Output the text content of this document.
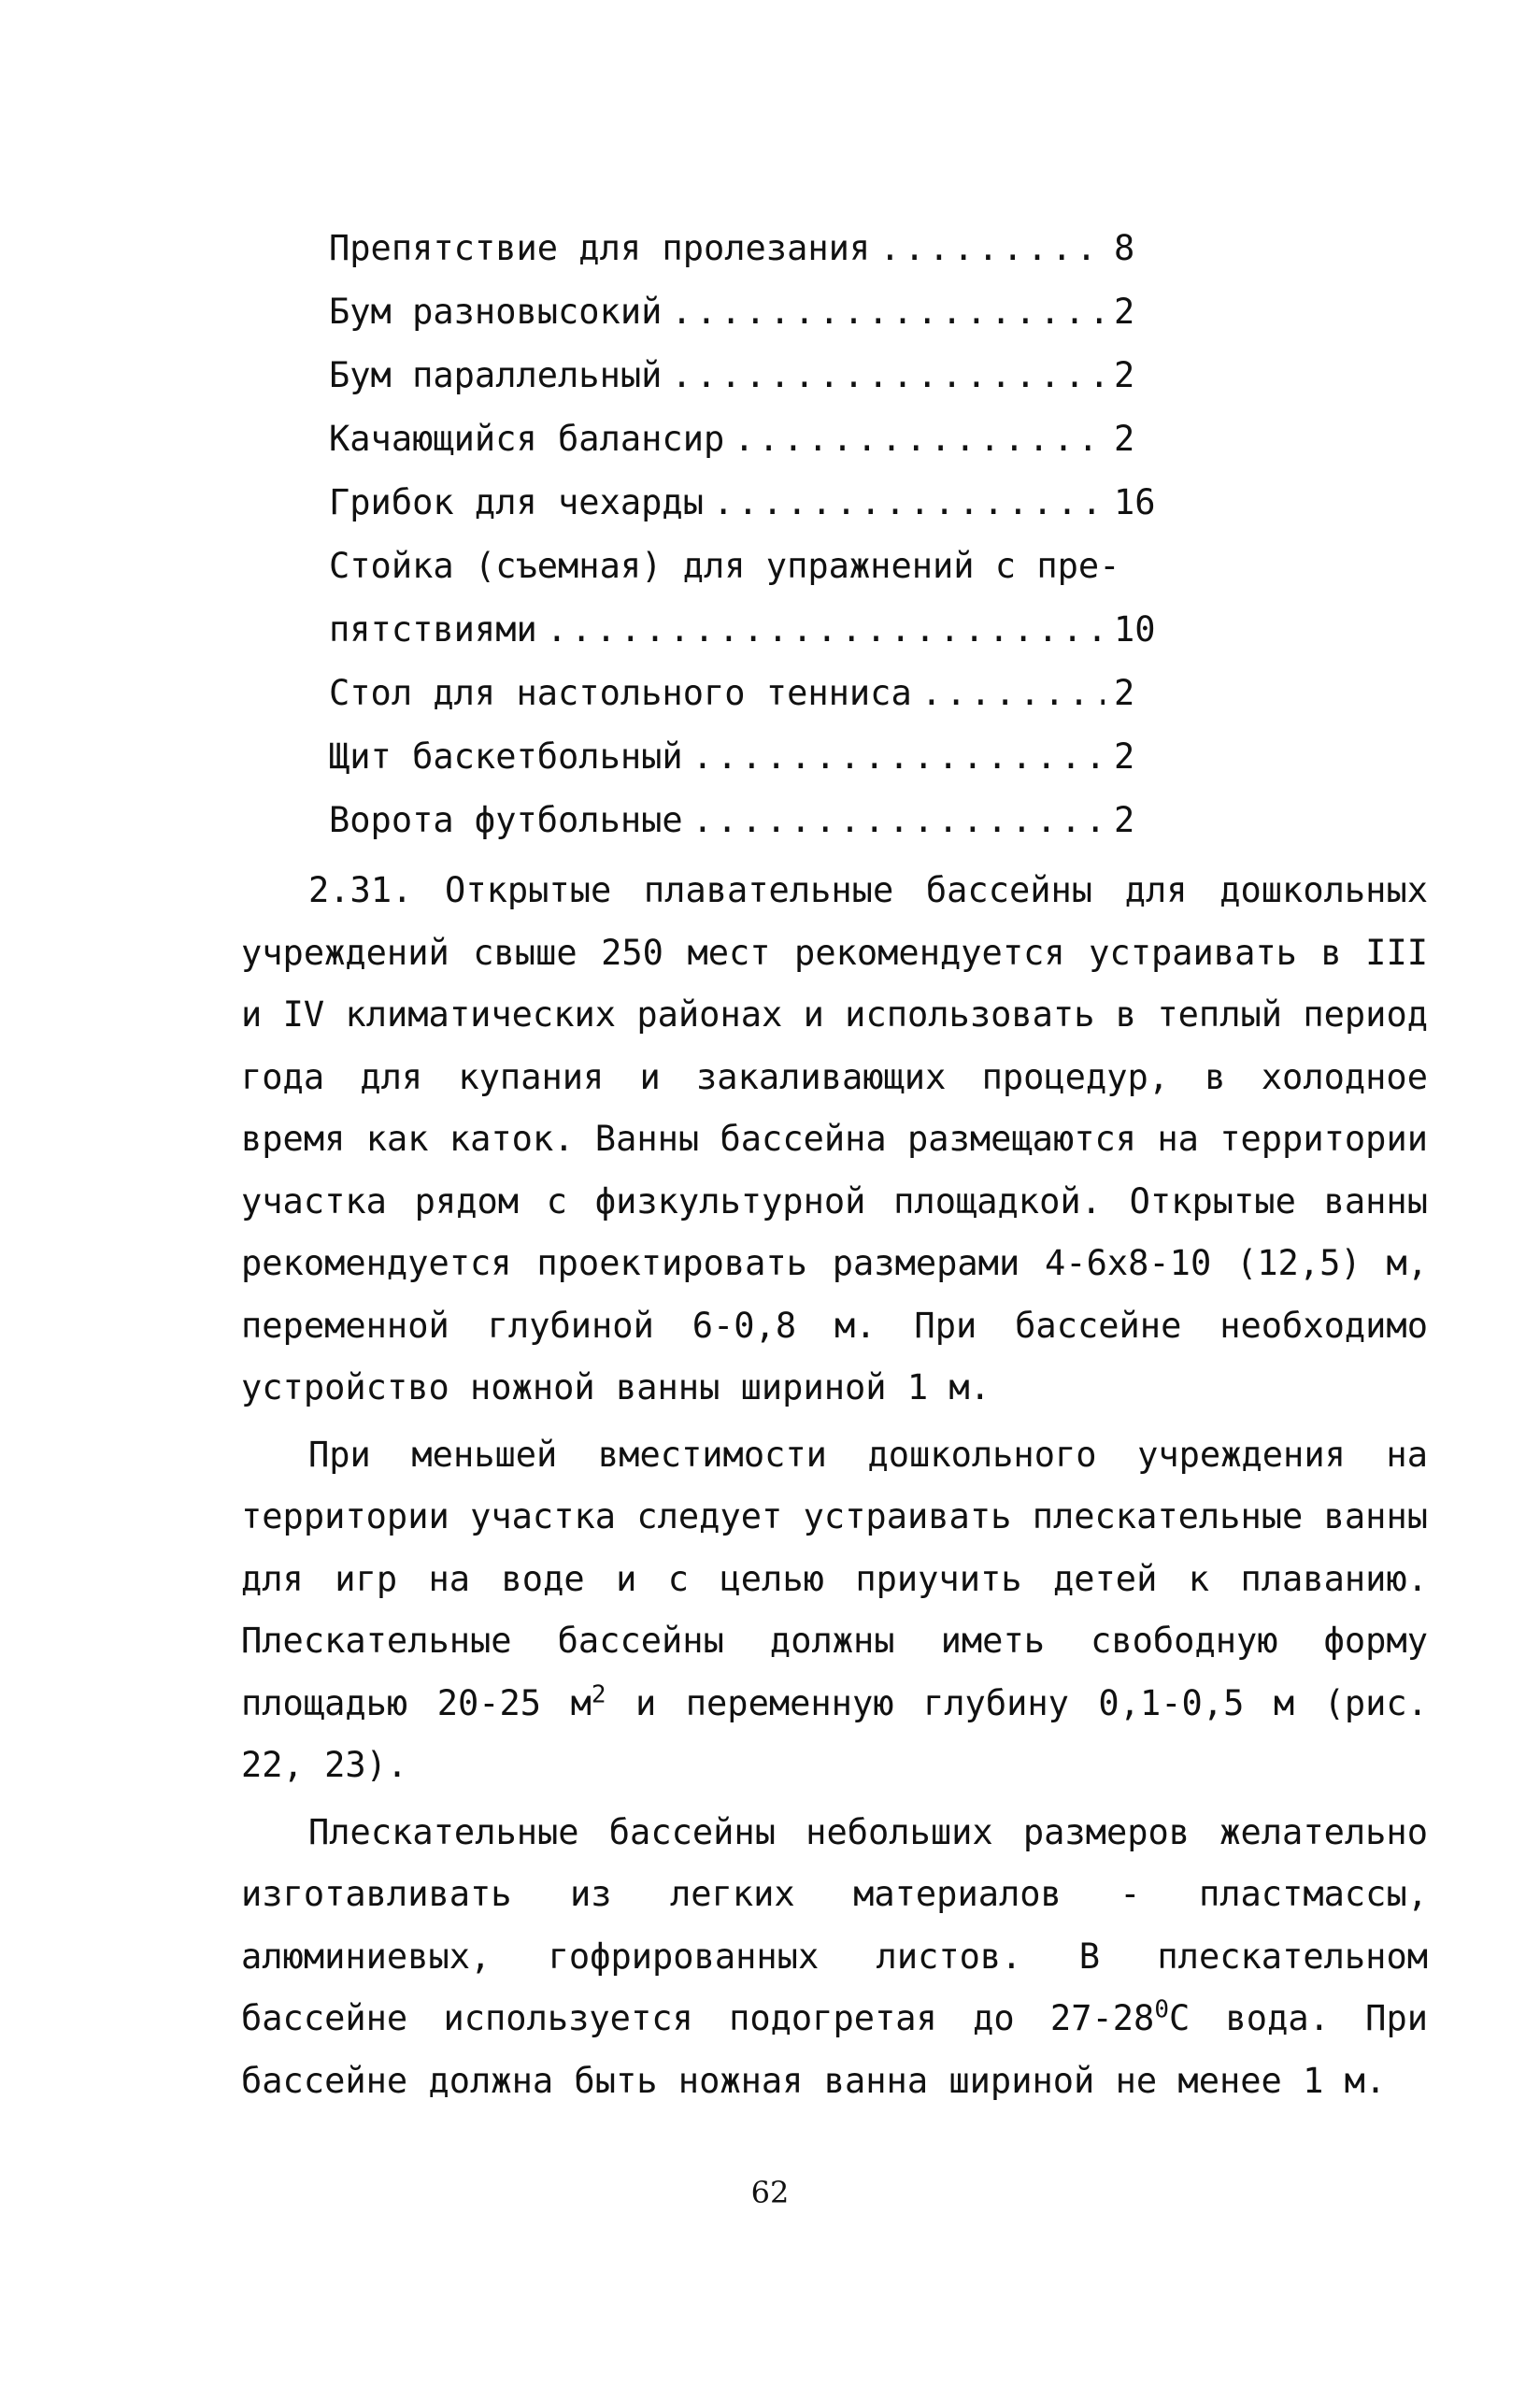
Препятствие для пролезания .....	8
Бум разновысокий .....	2
Бум параллельный .....	2
Качающийся балансир .....	2
Грибок для чехарды .....	16
Стойка (съемная) для упражнений с пре-
пятствиями .....	10
Стол для настольного тенниса .....	2
Щит баскетбольный .....	2
Ворота футбольные .....	2

2.31. Открытые плавательные бассейны для дошкольных учреждений свыше 250 мест рекомендуется устраивать в III и IV климатических районах и использовать в теплый период года для купания и закаливающих процедур, в холодное время как каток. Ванны бассейна размещаются на территории участка рядом с физкультурной площадкой. Открытые ванны рекомендуется проектировать размерами 4-6x8-10 (12,5) м, переменной глубиной 6-0,8 м. При бассейне необходимо устройство ножной ванны шириной 1 м.

При меньшей вместимости дошкольного учреждения на территории участка следует устраивать плескательные ванны для игр на воде и с целью приучить детей к плаванию. Плескательные бассейны должны иметь свободную форму площадью 20-25 $м^2$ и переменную глубину 0,1-0,5 м (рис. 22, 23).

Плескательные бассейны небольших размеров желательно изготавливать из легких материалов - пластмассы, алюминиевых, гофрированных листов. В плескательном бассейне используется подогретая до $27-28^0С$ вода. При бассейне должна быть ножная ванна шириной не менее 1 м.

62
